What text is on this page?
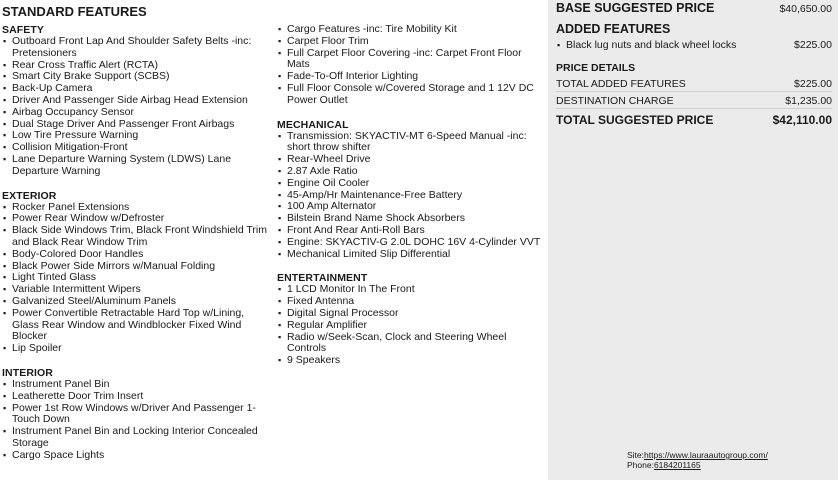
STANDARD FEATURES
SAFETY
▪ Outboard Front Lap And Shoulder Safety Belts -inc: Pretensioners
▪ Rear Cross Traffic Alert (RCTA)
▪ Smart City Brake Support (SCBS)
▪ Back-Up Camera
▪ Driver And Passenger Side Airbag Head Extension
▪ Airbag Occupancy Sensor
▪ Dual Stage Driver And Passenger Front Airbags
▪ Low Tire Pressure Warning
▪ Collision Mitigation-Front
▪ Lane Departure Warning System (LDWS) Lane Departure Warning
EXTERIOR
▪ Rocker Panel Extensions
▪ Power Rear Window w/Defroster
▪ Black Side Windows Trim, Black Front Windshield Trim and Black Rear Window Trim
▪ Body-Colored Door Handles
▪ Black Power Side Mirrors w/Manual Folding
▪ Light Tinted Glass
▪ Variable Intermittent Wipers
▪ Galvanized Steel/Aluminum Panels
▪ Power Convertible Retractable Hard Top w/Lining, Glass Rear Window and Windblocker Fixed Wind Blocker
▪ Lip Spoiler
INTERIOR
▪ Instrument Panel Bin
▪ Leatherette Door Trim Insert
▪ Power 1st Row Windows w/Driver And Passenger 1-Touch Down
▪ Instrument Panel Bin and Locking Interior Concealed Storage
▪ Cargo Space Lights
▪ Cargo Features -inc: Tire Mobility Kit
▪ Carpet Floor Trim
▪ Full Carpet Floor Covering -inc: Carpet Front Floor Mats
▪ Fade-To-Off Interior Lighting
▪ Full Floor Console w/Covered Storage and 1 12V DC Power Outlet
MECHANICAL
▪ Transmission: SKYACTIV-MT 6-Speed Manual -inc: short throw shifter
▪ Rear-Wheel Drive
▪ 2.87 Axle Ratio
▪ Engine Oil Cooler
▪ 45-Amp/Hr Maintenance-Free Battery
▪ 100 Amp Alternator
▪ Bilstein Brand Name Shock Absorbers
▪ Front And Rear Anti-Roll Bars
▪ Engine: SKYACTIV-G 2.0L DOHC 16V 4-Cylinder VVT
▪ Mechanical Limited Slip Differential
ENTERTAINMENT
▪ 1 LCD Monitor In The Front
▪ Fixed Antenna
▪ Digital Signal Processor
▪ Regular Amplifier
▪ Radio w/Seek-Scan, Clock and Steering Wheel Controls
▪ 9 Speakers
BASE SUGGESTED PRICE	$40,650.00
ADDED FEATURES
▪ Black lug nuts and black wheel locks	$225.00
PRICE DETAILS
TOTAL ADDED FEATURES	$225.00
DESTINATION CHARGE	$1,235.00
TOTAL SUGGESTED PRICE	$42,110.00
Site:https://www.lauraautogroup.com/
Phone:6184201165
